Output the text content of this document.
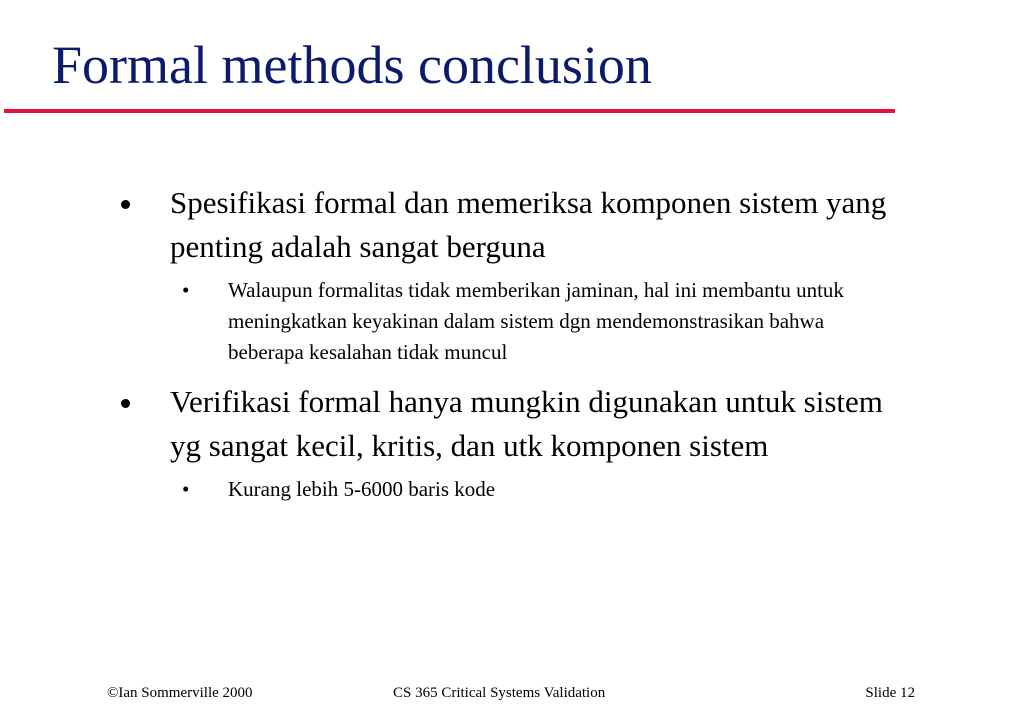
Formal methods conclusion
Spesifikasi formal dan memeriksa komponen sistem yang penting adalah sangat berguna
• Walaupun formalitas tidak memberikan jaminan, hal ini membantu untuk meningkatkan keyakinan dalam sistem dgn mendemonstrasikan bahwa beberapa kesalahan tidak muncul
Verifikasi formal hanya mungkin digunakan untuk sistem yg sangat kecil, kritis, dan utk komponen sistem
• Kurang lebih 5-6000 baris kode
©Ian Sommerville 2000	CS 365 Critical Systems Validation	Slide 12
